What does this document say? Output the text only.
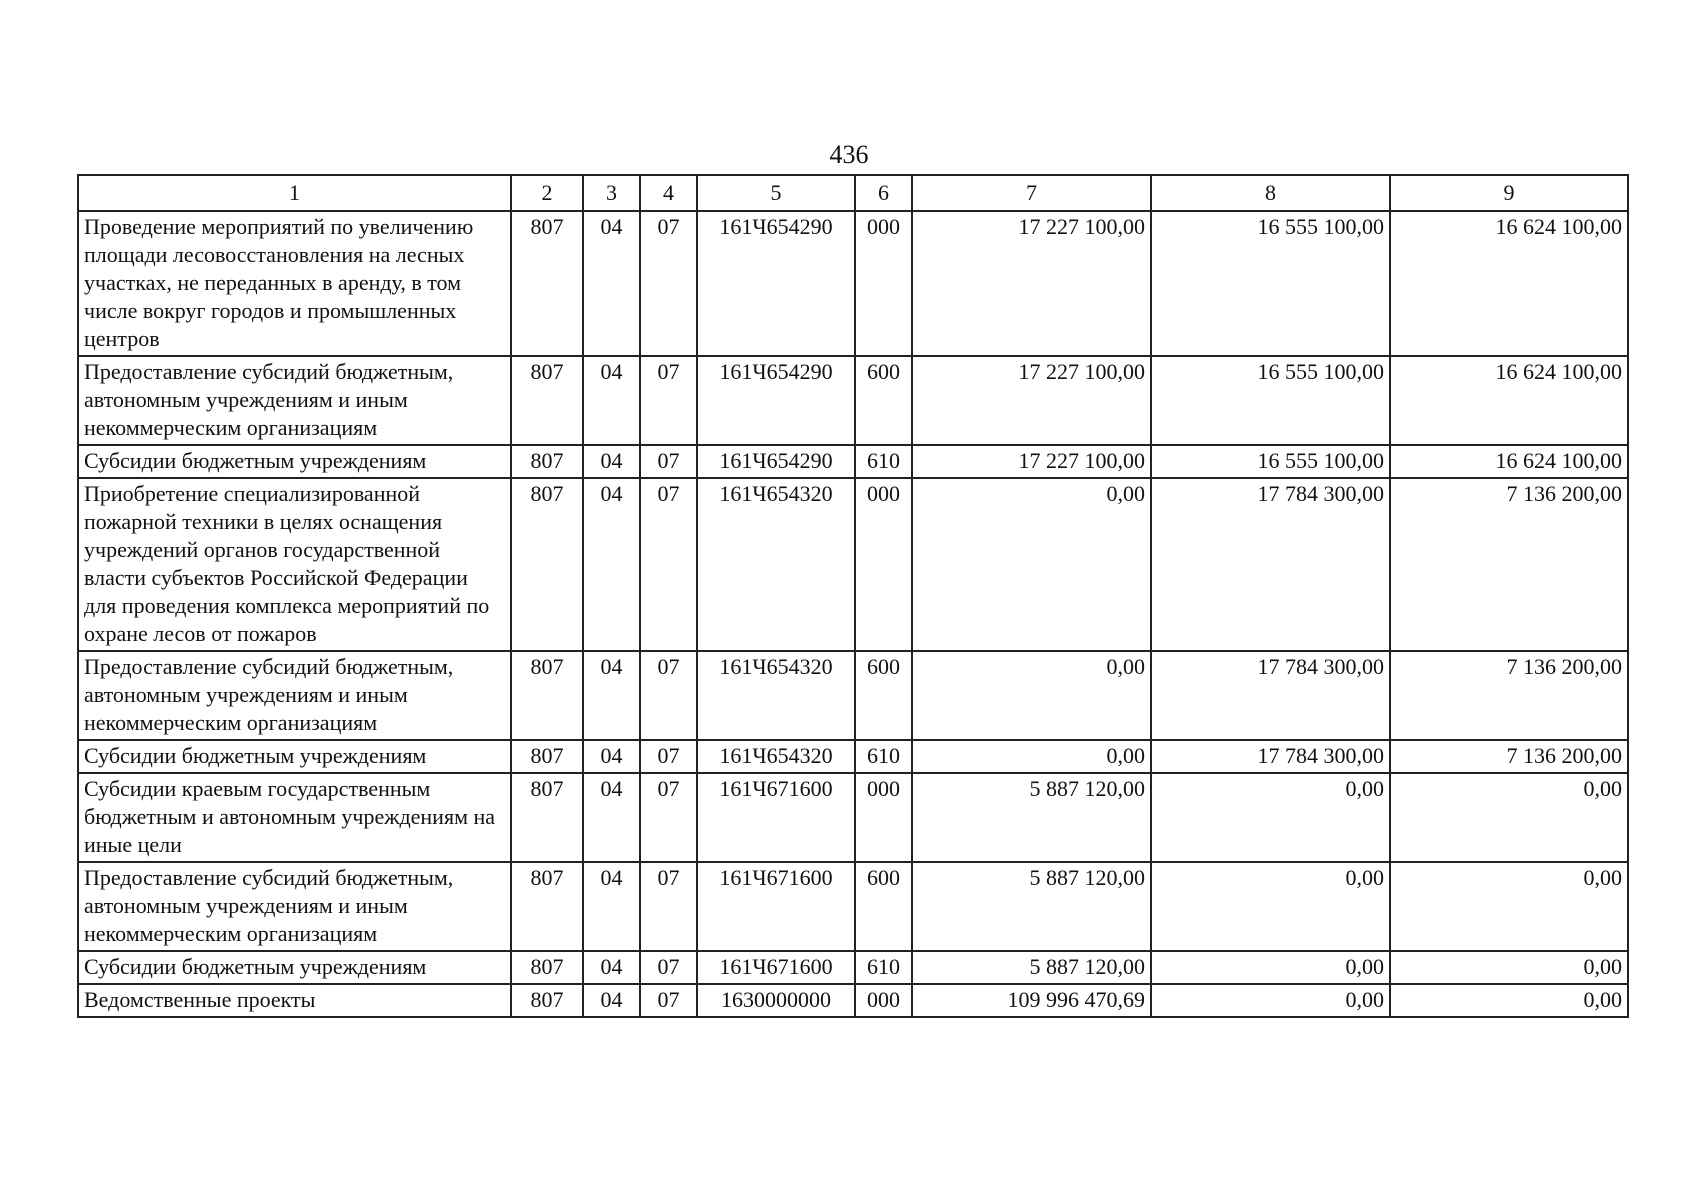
436
1	2	3	4	5	6	7	8	9
Проведение мероприятий по увеличению площади лесовосстановления на лесных участках, не переданных в аренду, в том числе вокруг городов и промышленных центров	807	04	07	161Ч654290	000	17 227 100,00	16 555 100,00	16 624 100,00
Предоставление субсидий бюджетным, автономным учреждениям и иным некоммерческим организациям	807	04	07	161Ч654290	600	17 227 100,00	16 555 100,00	16 624 100,00
Субсидии бюджетным учреждениям	807	04	07	161Ч654290	610	17 227 100,00	16 555 100,00	16 624 100,00
Приобретение специализированной пожарной техники в целях оснащения учреждений органов государственной власти субъектов Российской Федерации для проведения комплекса мероприятий по охране лесов от пожаров	807	04	07	161Ч654320	000	0,00	17 784 300,00	7 136 200,00
Предоставление субсидий бюджетным, автономным учреждениям и иным некоммерческим организациям	807	04	07	161Ч654320	600	0,00	17 784 300,00	7 136 200,00
Субсидии бюджетным учреждениям	807	04	07	161Ч654320	610	0,00	17 784 300,00	7 136 200,00
Субсидии краевым государственным бюджетным и автономным учреждениям на иные цели	807	04	07	161Ч671600	000	5 887 120,00	0,00	0,00
Предоставление субсидий бюджетным, автономным учреждениям и иным некоммерческим организациям	807	04	07	161Ч671600	600	5 887 120,00	0,00	0,00
Субсидии бюджетным учреждениям	807	04	07	161Ч671600	610	5 887 120,00	0,00	0,00
Ведомственные проекты	807	04	07	1630000000	000	109 996 470,69	0,00	0,00
